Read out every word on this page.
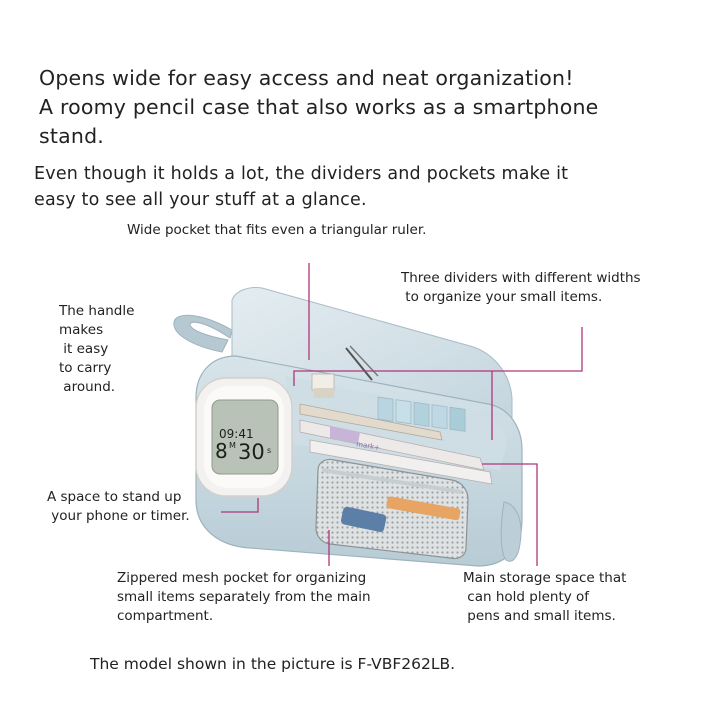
Opens wide for easy access and neat organization!

A roomy pencil case that also works as a smartphone

stand.

Even though it holds a lot, the dividers and pockets make it

easy to see all your stuff at a glance.

mark+
09:41
8 M 30 s

Wide pocket that fits even a triangular ruler.

Three dividers with different widths

to organize your small items.

The handle

makes

it easy

to carry

around.

A space to stand up

your phone or timer.

Zippered mesh pocket for organizing

small items separately from the main

compartment.

Main storage space that

can hold plenty of

pens and small items.

The model shown in the picture is F-VBF262LB.
